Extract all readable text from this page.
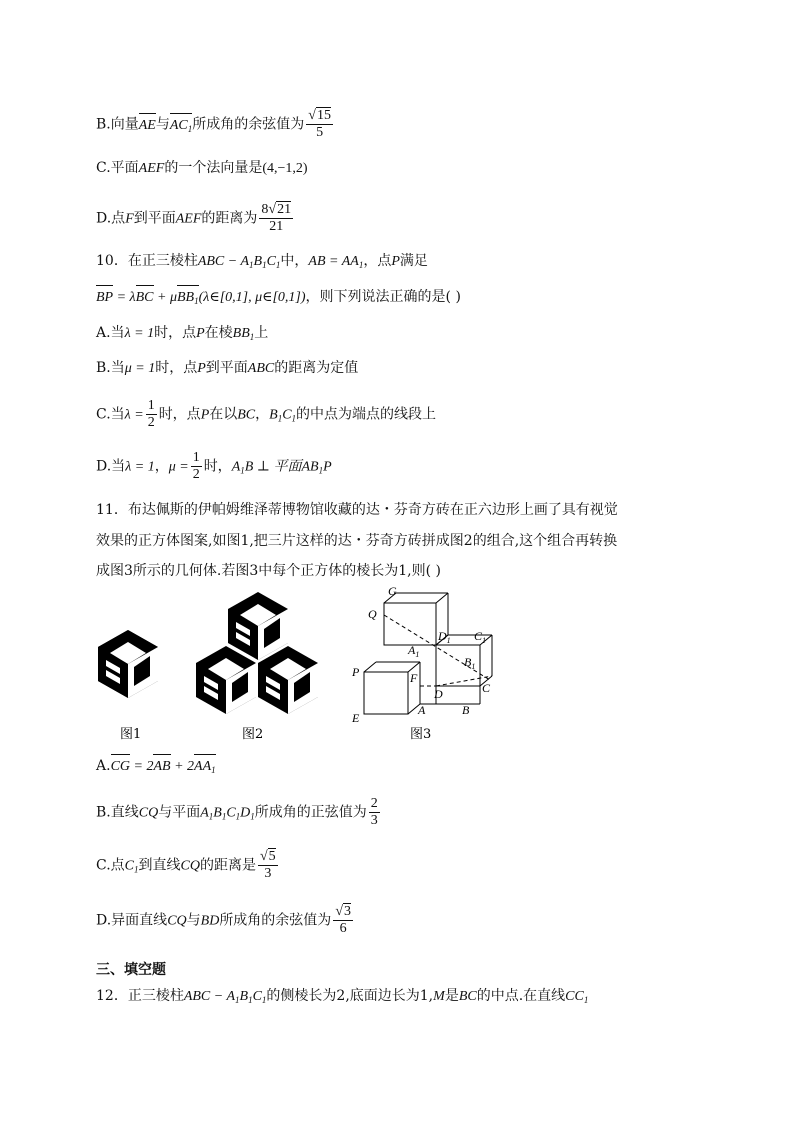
B.向量AE与$AC_1$所成角的余弦值为 $\frac{√15}{5}$
C.平面AEF的一个法向量是(4,−1,2)
D.点F到平面AEF的距离为 $\frac{8√21}{21}$
10．在正三棱柱ABC − $A_1B_1C_1$中，AB = $AA_1$，点P满足
BP = λBC + μBB$_1$(λ∈[0,1], μ∈[0,1])，则下列说法正确的是( )
A.当λ = 1时，点P在棱$BB_1$上
B.当μ = 1时，点P到平面ABC的距离为定值
C.当$\lambda = \frac{1}{2}$ 时，点P在以BC，$B_1C_1$的中点为端点的线段上
D.当λ = 1，$\mu = \frac{1}{2}$ 时，$A_1B$ ⊥ 平面$AB_1P$
11．布达佩斯的伊帕姆维泽蒂博物馆收藏的达・芬奇方砖在正六边形上画了具有视觉
效果的正方体图案,如图1,把三片这样的达・芬奇方砖拼成图2的组合,这个组合再转换
成图3所示的几何体.若图3中每个正方体的棱长为1,则( )
图1	图2
G
Q
$D_1$ $C_1$
$A_1$
$B_1$
P	F
D	C
E
A	B
图3
$A.CG = 2AB + 2AA_1$
B.直线CQ与平面$A_1B_1C_1D_1$所成角的正弦值为 $\frac{2}{3}$
C.点$C_1$到直线CQ的距离是 $\frac{√5}{3}$
D.异面直线CQ与BD所成角的余弦值为 $\frac{√3}{6}$
三、填空题
12．正三棱柱ABC − $A_1B_1C_1$的侧棱长为2,底面边长为1,M是BC的中点.在直线$CC_1$
